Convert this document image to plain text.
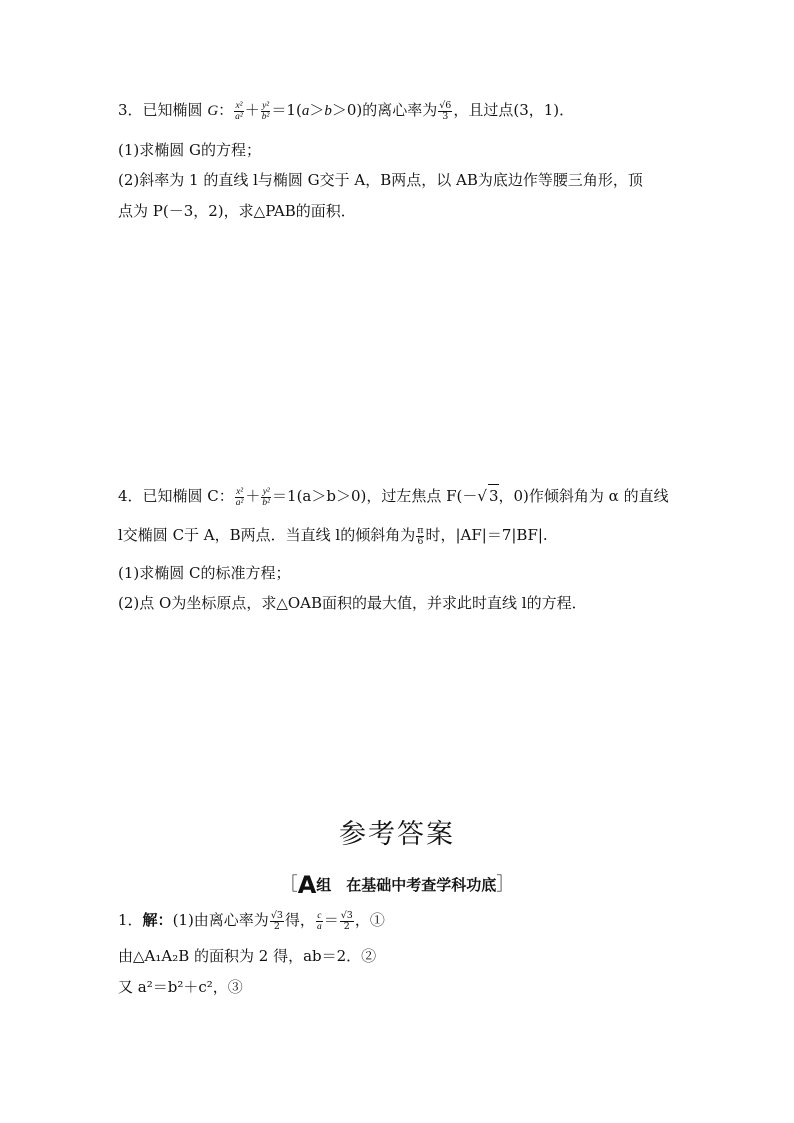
3．已知椭圆 G： $\frac{\text{x²}}{\text{a²}} + \frac{\text{y²}}{\text{b²}} =1(a>b>0)$的离心率为 $\frac{√6}{3}$ ，且过点(3，1)．
(1)求椭圆 G的方程；
(2)斜率为 1 的直线 l与椭圆 G交于 A，B两点，以 AB为底边作等腰三角形，顶
点为 P(－3，2)，求△PAB的面积．
4．已知椭圆 C： $\frac{\text{x²}}{\text{a²}} + \frac{\text{y²}}{\text{b²}} =1(a>b>0)$，过左焦点 F(－√ 3，0)作倾斜角为 α 的直线
l交椭圆 C于 A，B两点．当直线 l的倾斜角为 $\frac{\pi}{6}$ 时，|AF|＝7|BF|.
(1)求椭圆 C的标准方程；
(2)点 O为坐标原点，求△OAB面积的最大值，并求此时直线 l的方程．
参考答案
［A组　在基础中考查学科功底］
1．解：(1)由离心率为 $\frac{√3}{2}$ 得， $\frac{c}{a} = \frac{√3}{2}$ ，①
由△A₁A₂B 的面积为 2 得，ab＝2．②
又 a²＝b²＋c²，③
